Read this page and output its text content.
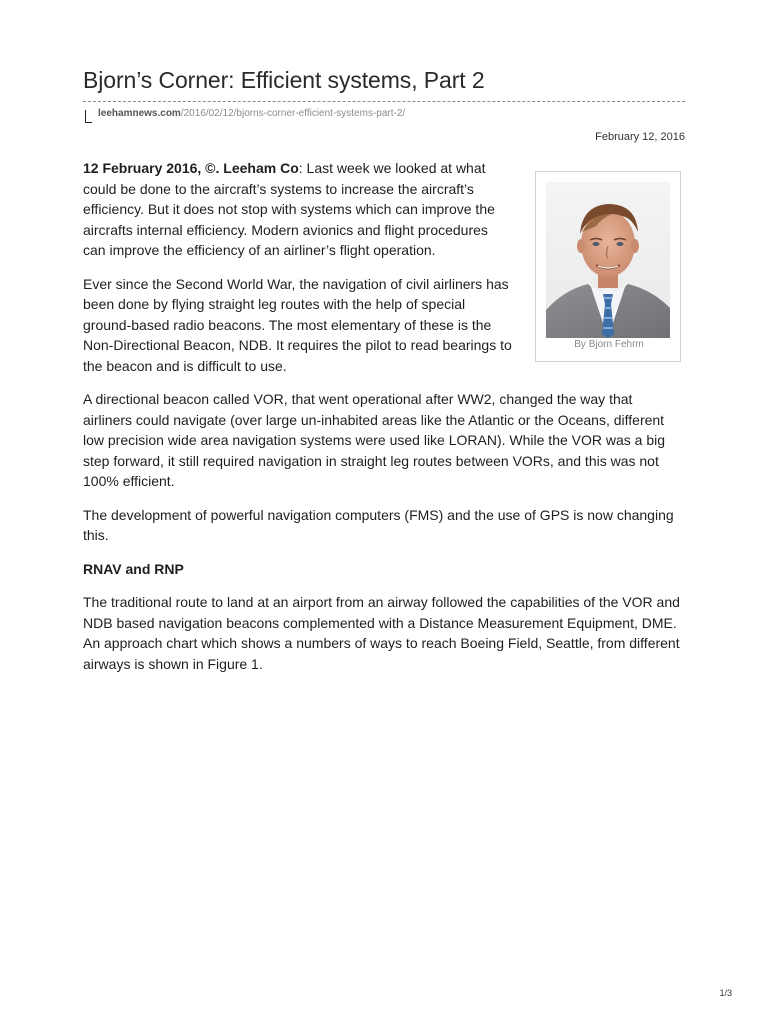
Bjorn’s Corner: Efficient systems, Part 2
leehamnews.com/2016/02/12/bjorns-corner-efficient-systems-part-2/
February 12, 2016
By Bjorn Fehrm

12 February 2016, ©. Leeham Co: Last week we looked at what could be done to the aircraft’s systems to increase the aircraft’s efficiency. But it does not stop with systems which can improve the aircrafts internal efficiency. Modern avionics and flight procedures can improve the efficiency of an airliner’s flight operation.

Ever since the Second World War, the navigation of civil airliners has been done by flying straight leg routes with the help of special ground-based radio beacons. The most elementary of these is the Non-Directional Beacon, NDB. It requires the pilot to read bearings to the beacon and is difficult to use.

A directional beacon called VOR, that went operational after WW2, changed the way that airliners could navigate (over large un-inhabited areas like the Atlantic or the Oceans, different low precision wide area navigation systems were used like LORAN). While the VOR was a big step forward, it still required navigation in straight leg routes between VORs, and this was not 100% efficient.

The development of powerful navigation computers (FMS) and the use of GPS is now changing this.

RNAV and RNP

The traditional route to land at an airport from an airway followed the capabilities of the VOR and NDB based navigation beacons complemented with a Distance Measurement Equipment, DME. An approach chart which shows a numbers of ways to reach Boeing Field, Seattle, from different airways is shown in Figure 1.

1/3
